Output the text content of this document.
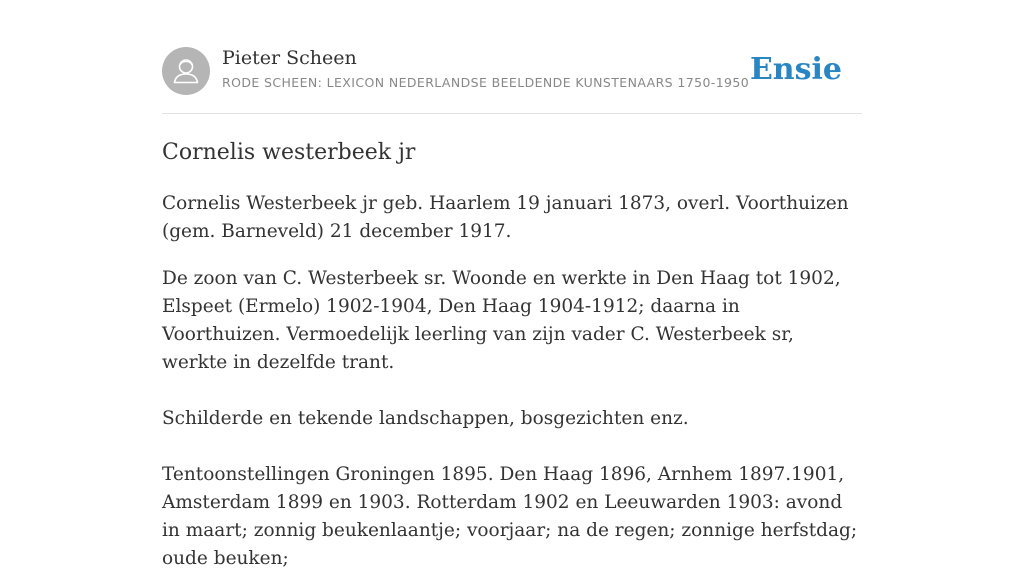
Pieter Scheen
RODE SCHEEN: LEXICON NEDERLANDSE BEELDENDE KUNSTENAARS 1750-1950 Ensie
Cornelis westerbeek jr

Cornelis Westerbeek jr geb. Haarlem 19 januari 1873, overl. Voorthuizen (gem. Barneveld) 21 december 1917.

De zoon van C. Westerbeek sr. Woonde en werkte in Den Haag tot 1902, Elspeet (Ermelo) 1902-1904, Den Haag 1904-1912; daarna in Voorthuizen. Vermoedelijk leerling van zijn vader C. Westerbeek sr, werkte in dezelfde trant.

Schilderde en tekende landschappen, bosgezichten enz.

Tentoonstellingen Groningen 1895. Den Haag 1896, Arnhem 1897.1901, Amsterdam 1899 en 1903. Rotterdam 1902 en Leeuwarden 1903: avond in maart; zonnig beukenlaantje; voorjaar; na de regen; zonnige herfstdag; oude beuken;
